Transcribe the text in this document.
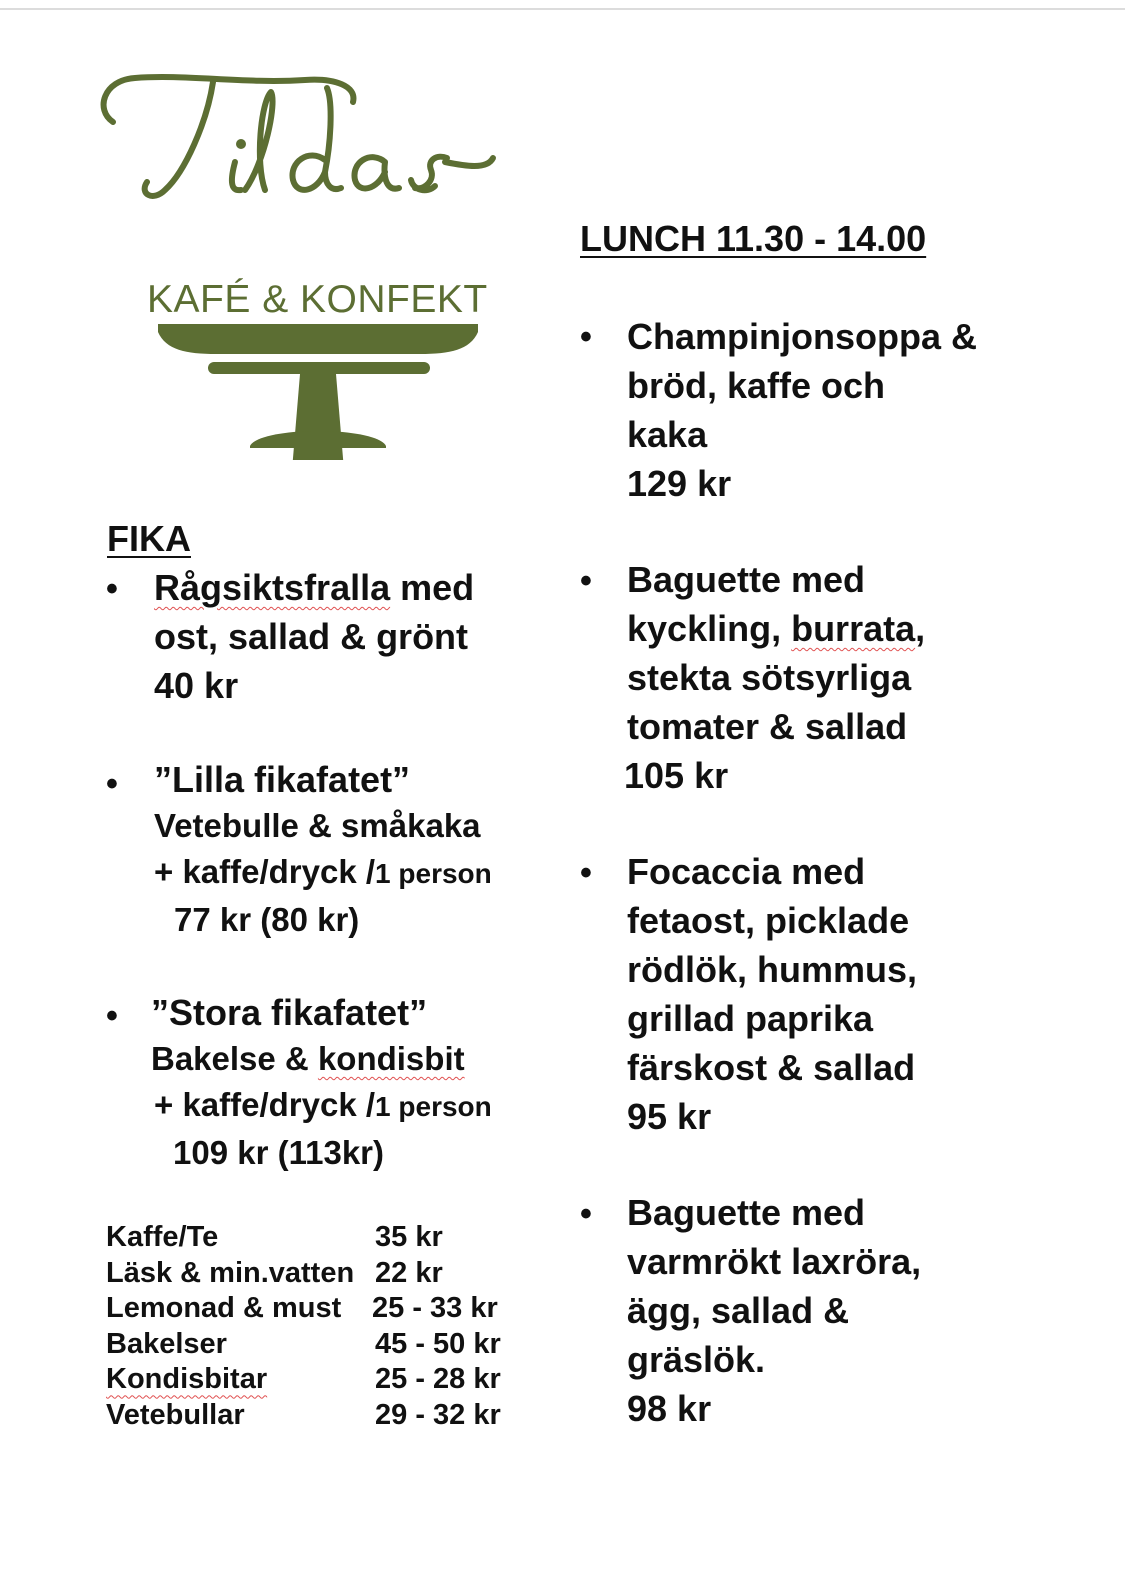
KAFÉ & KONFEKT
FIKA
• Rågsiktsfralla med
ost, sallad & grönt
40 kr
• ”Lilla fikafatet”
Vetebulle & småkaka
+ kaffe/dryck /1 person
77 kr (80 kr)
• ”Stora fikafatet”
Bakelse & kondisbit
+ kaffe/dryck /1 person
109 kr (113kr)
Kaffe/Te	35 kr
Läsk & min.vatten 22 kr
Lemonad & must 25 - 33 kr
Bakelser	45 - 50 kr
Kondisbitar	25 - 28 kr
Vetebullar	29 - 32 kr
LUNCH 11.30 - 14.00
• Champinjonsoppa &
bröd, kaffe och
kaka
129 kr
• Baguette med
kyckling, burrata,
stekta sötsyrliga
tomater & sallad
105 kr
• Focaccia med
fetaost, picklade
rödlök, hummus,
grillad paprika
färskost & sallad
95 kr
• Baguette med
varmrökt laxröra,
ägg, sallad &
gräslök.
98 kr
